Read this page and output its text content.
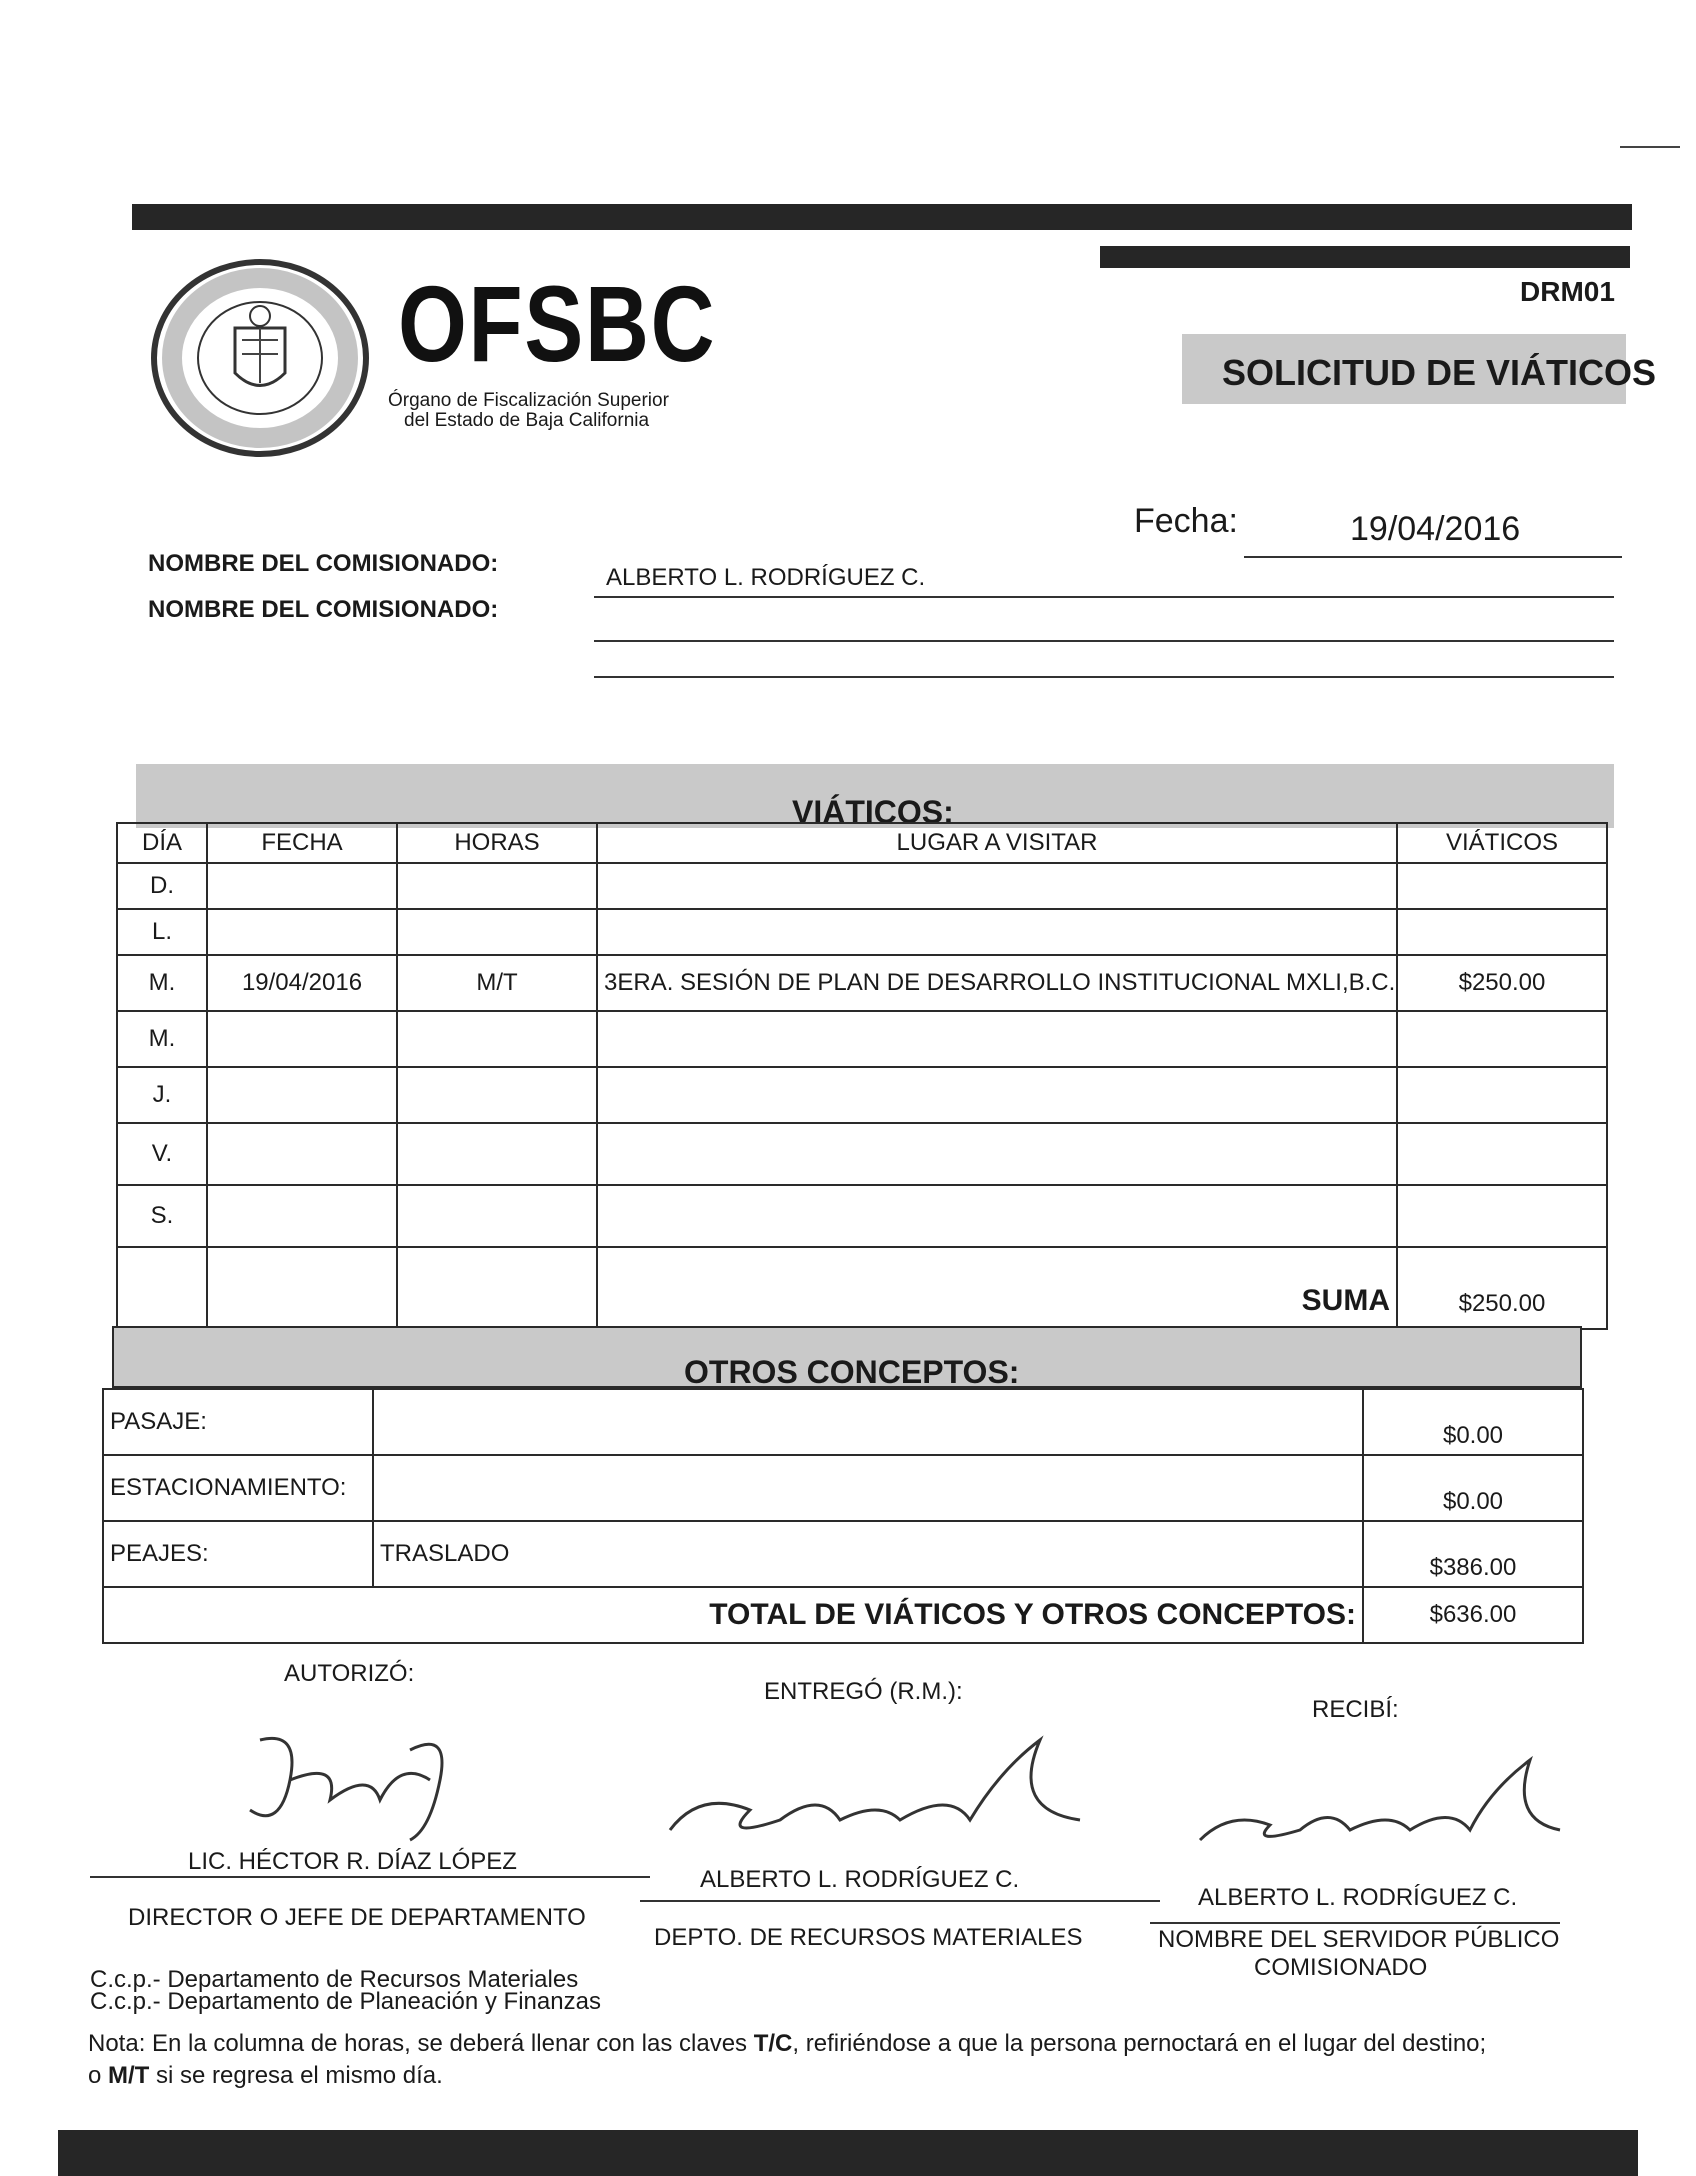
DRM01
OFSBC
Órgano de Fiscalización Superior
del Estado de Baja California
SOLICITUD DE VIÁTICOS
Fecha:	19/04/2016
NOMBRE DEL COMISIONADO:
NOMBRE DEL COMISIONADO:
ALBERTO L. RODRÍGUEZ C.
VIÁTICOS:
DÍA	FECHA	HORAS	LUGAR A VISITAR	VIÁTICOS
D.				
L.				
M.	19/04/2016	M/T	3ERA. SESIÓN DE PLAN DE DESARROLLO INSTITUCIONAL MXLI,B.C.	$250.00
M.				
J.				
V.				
S.				
			SUMA	$250.00
OTROS CONCEPTOS:
PASAJE:		$0.00
ESTACIONAMIENTO:		$0.00
PEAJES:	TRASLADO	$386.00
TOTAL DE VIÁTICOS Y OTROS CONCEPTOS:		$636.00
AUTORIZÓ:
ENTREGÓ (R.M.):
RECIBÍ:
LIC. HÉCTOR R. DÍAZ LÓPEZ
DIRECTOR O JEFE DE DEPARTAMENTO
ALBERTO L. RODRÍGUEZ C.
DEPTO. DE RECURSOS MATERIALES
ALBERTO L. RODRÍGUEZ C.
NOMBRE DEL SERVIDOR PÚBLICO
COMISIONADO
C.c.p.- Departamento de Recursos Materiales
C.c.p.- Departamento de Planeación y Finanzas
Nota: En la columna de horas, se deberá llenar con las claves T/C, refiriéndose a que la persona pernoctará en el lugar del destino;
o M/T si se regresa el mismo día.
